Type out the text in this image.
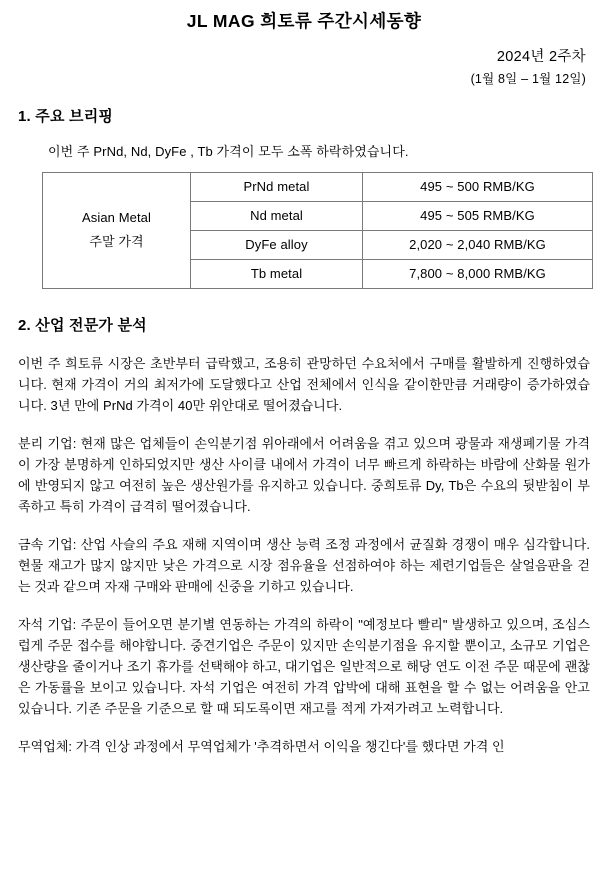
JL MAG 희토류 주간시세동향
2024년 2주차
(1월 8일 – 1월 12일)
1. 주요 브리핑

이번 주 PrNd, Nd, DyFe , Tb 가격이 모두 소폭 하락하였습니다.

Asian Metal
주말 가격	PrNd metal	495 ~ 500 RMB/KG
	Nd metal	495 ~ 505 RMB/KG
	DyFe alloy	2,020 ~ 2,040 RMB/KG
	Tb metal	7,800 ~ 8,000 RMB/KG
2. 산업 전문가 분석

이번 주 희토류 시장은 초반부터 급락했고, 조용히 관망하던 수요처에서 구매를 활발하게 진행하였습니다. 현재 가격이 거의 최저가에 도달했다고 산업 전체에서 인식을 같이한만큼 거래량이 증가하였습니다. 3년 만에 PrNd 가격이 40만 위안대로 떨어졌습니다.

분리 기업: 현재 많은 업체들이 손익분기점 위아래에서 어려움을 겪고 있으며 광물과 재생폐기물 가격이 가장 분명하게 인하되었지만 생산 사이클 내에서 가격이 너무 빠르게 하락하는 바람에 산화물 원가에 반영되지 않고 여전히 높은 생산원가를 유지하고 있습니다. 중희토류 Dy, Tb은 수요의 뒷받침이 부족하고 특히 가격이 급격히 떨어졌습니다.

금속 기업: 산업 사슬의 주요 재해 지역이며 생산 능력 조정 과정에서 균질화 경쟁이 매우 심각합니다. 현물 재고가 많지 않지만 낮은 가격으로 시장 점유율을 선점하여야 하는 제련기업들은 살얼음판을 걷는 것과 같으며 자재 구매와 판매에 신중을 기하고 있습니다.

자석 기업: 주문이 들어오면 분기별 연동하는 가격의 하락이 "예정보다 빨리" 발생하고 있으며, 조심스럽게 주문 접수를 해야합니다. 중견기업은 주문이 있지만 손익분기점을 유지할 뿐이고, 소규모 기업은 생산량을 줄이거나 조기 휴가를 선택해야 하고, 대기업은 일반적으로 해당 연도 이전 주문 때문에 괜찮은 가동률을 보이고 있습니다. 자석 기업은 여전히 가격 압박에 대해 표현을 할 수 없는 어려움을 안고 있습니다. 기존 주문을 기준으로 할 때 되도록이면 재고를 적게 가져가려고 노력합니다.

무역업체: 가격 인상 과정에서 무역업체가 '추격하면서 이익을 챙긴다'를 했다면 가격 인
